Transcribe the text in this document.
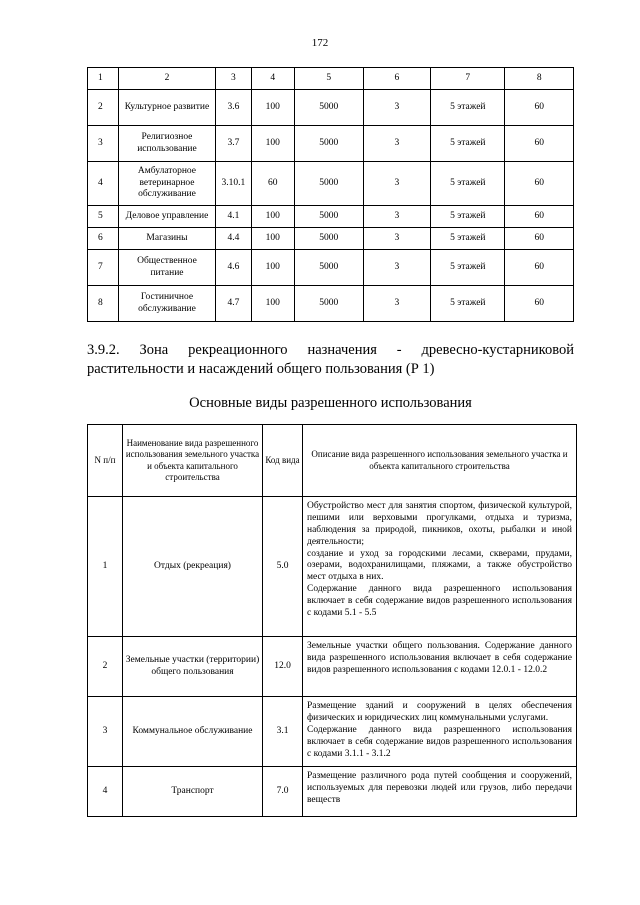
172
1	2	3	4	5	6	7	8
2	Культурное развитие	3.6	100	5000	3	5 этажей	60
3	Религиозное использование	3.7	100	5000	3	5 этажей	60
4	Амбулаторное ветеринарное обслуживание	3.10.1	60	5000	3	5 этажей	60
5	Деловое управление	4.1	100	5000	3	5 этажей	60
6	Магазины	4.4	100	5000	3	5 этажей	60
7	Общественное питание	4.6	100	5000	3	5 этажей	60
8	Гостиничное обслуживание	4.7	100	5000	3	5 этажей	60
3.9.2. Зона рекреационного назначения - древесно-кустарниковой растительности и насаждений общего пользования (Р 1)
Основные виды разрешенного использования
N п/п	Наименование вида разрешенного использования земельного участка и объекта капитального строительства	Код вида	Описание вида разрешенного использования земельного участка и объекта капитального строительства
1	Отдых (рекреация)	5.0	Обустройство мест для занятия спортом, физической культурой, пешими или верховыми прогулками, отдыха и туризма, наблюдения за природой, пикников, охоты, рыбалки и иной деятельности;

создание и уход за городскими лесами, скверами, прудами, озерами, водохранилищами, пляжами, а также обустройство мест отдыха в них.

Содержание данного вида разрешенного использования включает в себя содержание видов разрешенного использования с кодами 5.1 - 5.5

2	Земельные участки (территории) общего пользования	12.0	Земельные участки общего пользования. Содержание данного вида разрешенного использования включает в себя содержание видов разрешенного использования с кодами 12.0.1 - 12.0.2

3	Коммунальное обслуживание	3.1	Размещение зданий и сооружений в целях обеспечения физических и юридических лиц коммунальными услугами.

Содержание данного вида разрешенного использования включает в себя содержание видов разрешенного использования с кодами 3.1.1 - 3.1.2

4	Транспорт	7.0	Размещение различного рода путей сообщения и сооружений, используемых для перевозки людей или грузов, либо передачи веществ
